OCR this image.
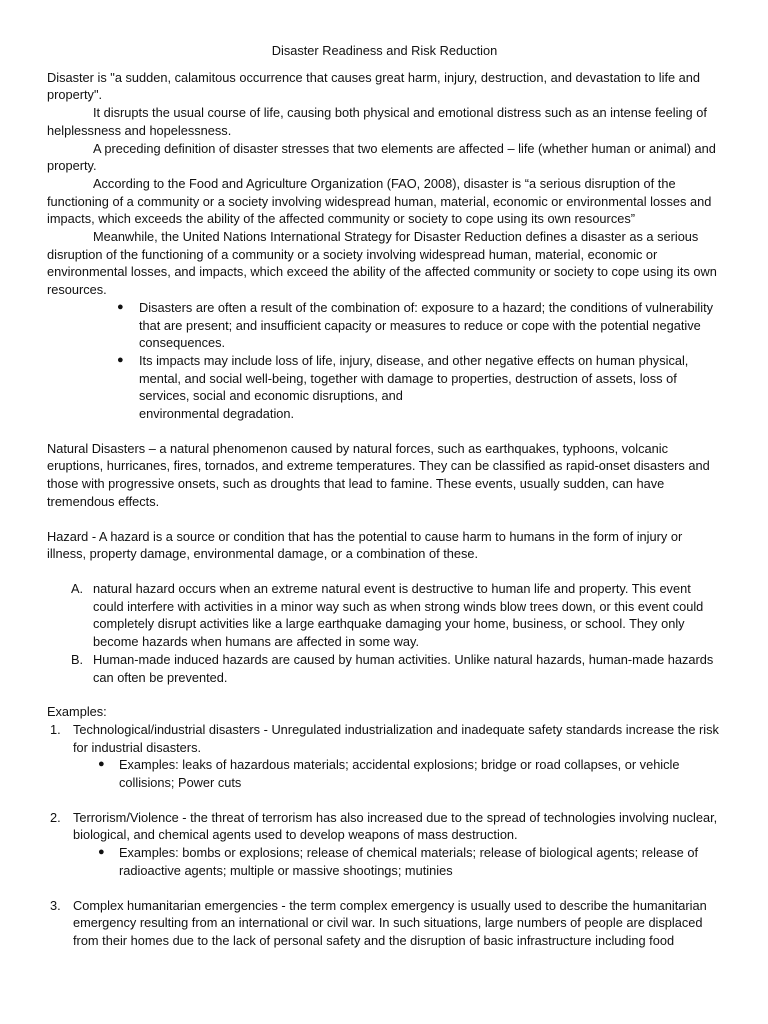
Disaster Readiness and Risk Reduction

Disaster is "a sudden, calamitous occurrence that causes great harm, injury, destruction, and devastation to life and property".

It disrupts the usual course of life, causing both physical and emotional distress such as an intense feeling of helplessness and hopelessness.

A preceding definition of disaster stresses that two elements are affected – life (whether human or animal) and property.

According to the Food and Agriculture Organization (FAO, 2008), disaster is “a serious disruption of the functioning of a community or a society involving widespread human, material, economic or environmental losses and impacts, which exceeds the ability of the affected community or society to cope using its own resources”

Meanwhile, the United Nations International Strategy for Disaster Reduction defines a disaster as a serious disruption of the functioning of a community or a society involving widespread human, material, economic or environmental losses, and impacts, which exceed the ability of the affected community or society to cope using its own resources.

● Disasters are often a result of the combination of: exposure to a hazard; the conditions of vulnerability that are present; and insufficient capacity or measures to reduce or cope with the potential negative consequences.
● Its impacts may include loss of life, injury, disease, and other negative effects on human physical, mental, and social well-being, together with damage to properties, destruction of assets, loss of services, social and economic disruptions, and
environmental degradation.

Natural Disasters – a natural phenomenon caused by natural forces, such as earthquakes, typhoons, volcanic eruptions, hurricanes, fires, tornados, and extreme temperatures. They can be classified as rapid-onset disasters and those with progressive onsets, such as droughts that lead to famine. These events, usually sudden, can have tremendous effects.

Hazard - A hazard is a source or condition that has the potential to cause harm to humans in the form of injury or illness, property damage, environmental damage, or a combination of these.

A. natural hazard occurs when an extreme natural event is destructive to human life and property. This event could interfere with activities in a minor way such as when strong winds blow trees down, or this event could completely disrupt activities like a large earthquake damaging your home, business, or school. They only become hazards when humans are affected in some way.
B. Human-made induced hazards are caused by human activities. Unlike natural hazards, human-made hazards can often be prevented.

Examples:

1. Technological/industrial disasters - Unregulated industrialization and inadequate safety standards increase the risk for industrial disasters.
● Examples: leaks of hazardous materials; accidental explosions; bridge or road collapses, or vehicle collisions; Power cuts
2. Terrorism/Violence - the threat of terrorism has also increased due to the spread of technologies involving nuclear, biological, and chemical agents used to develop weapons of mass destruction.
● Examples: bombs or explosions; release of chemical materials; release of biological agents; release of radioactive agents; multiple or massive shootings; mutinies
3. Complex humanitarian emergencies - the term complex emergency is usually used to describe the humanitarian emergency resulting from an international or civil war. In such situations, large numbers of people are displaced from their homes due to the lack of personal safety and the disruption of basic infrastructure including food
